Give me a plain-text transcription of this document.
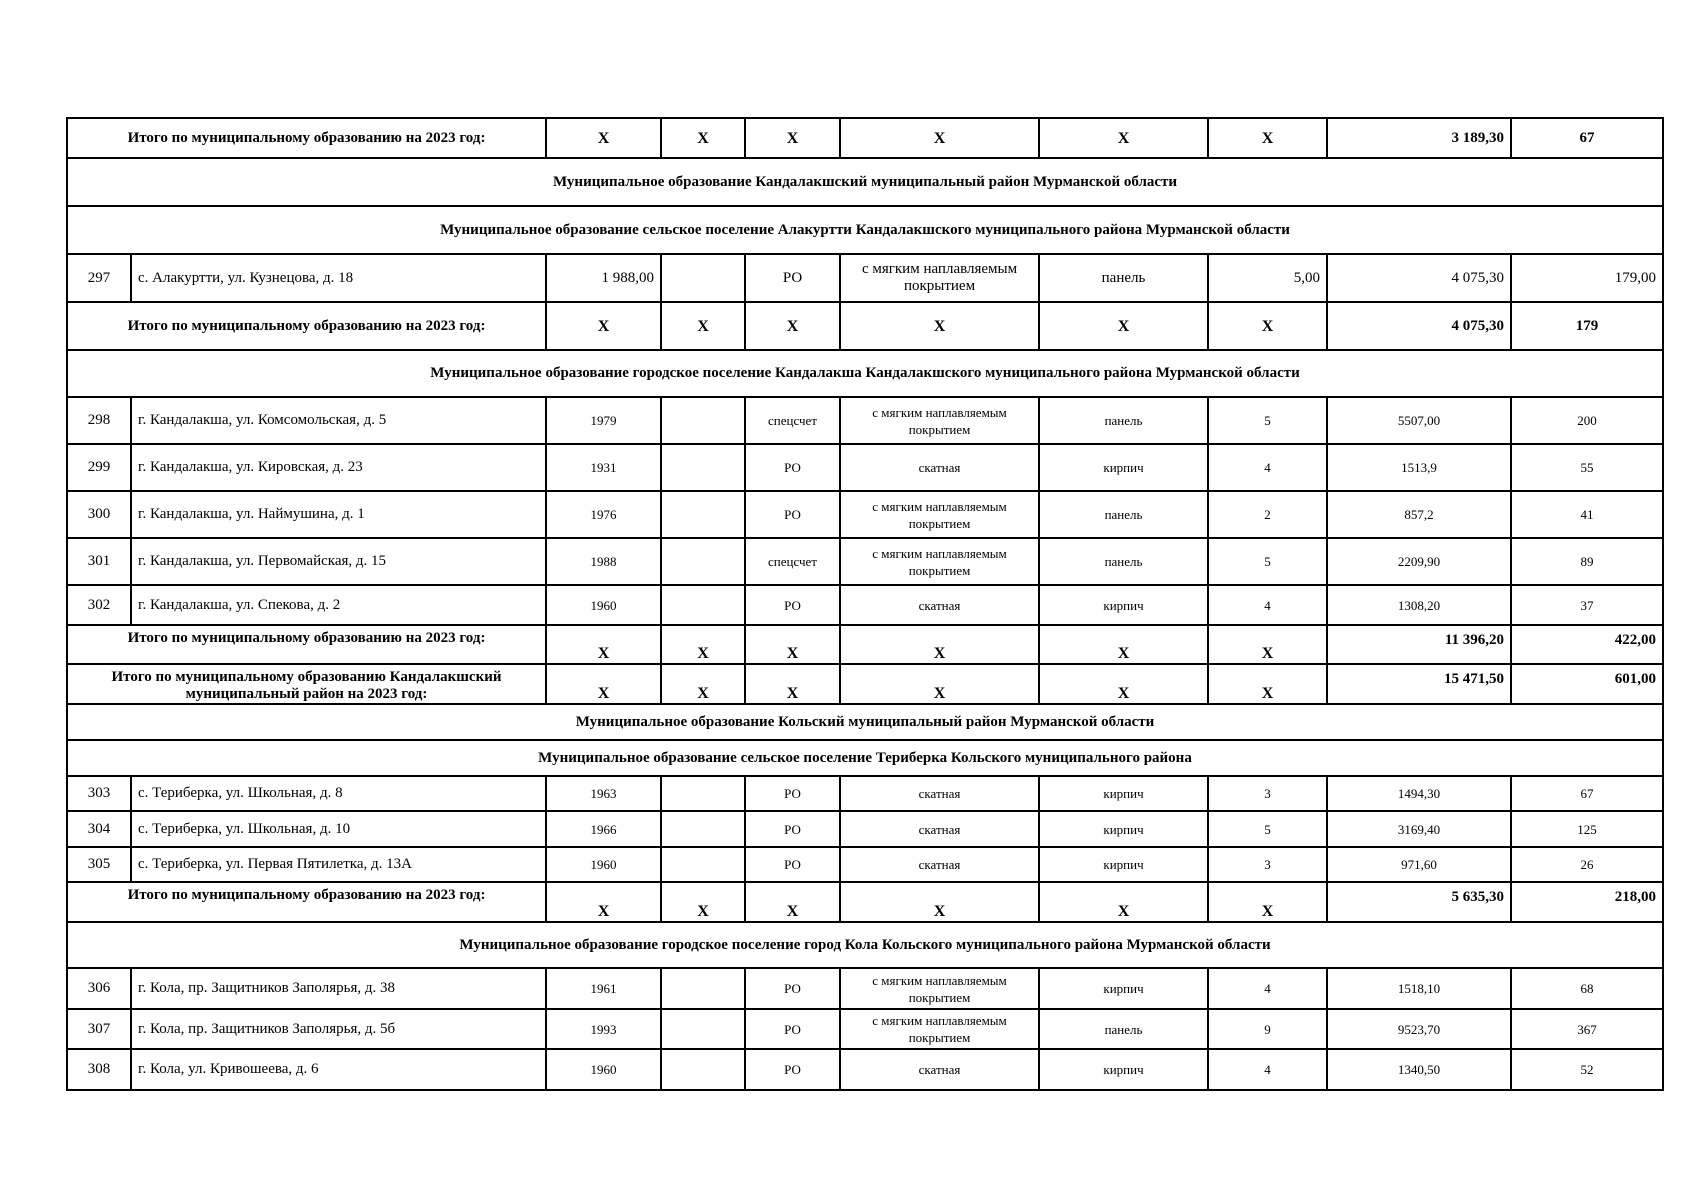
Итого по муниципальному образованию на 2023 год:		Х	Х	Х	Х	Х	Х	3 189,30	67
Муниципальное образование Кандалакшский муниципальный район Мурманской области									
Муниципальное образование сельское поселение Алакуртти Кандалакшского муниципального района Мурманской области									
297	с. Алакуртти, ул. Кузнецова, д. 18	1 988,00		РО	с мягким наплавляемым покрытием	панель	5,00	4 075,30	179,00
Итого по муниципальному образованию на 2023 год:		Х	Х	Х	Х	Х	Х	4 075,30	179
Муниципальное образование городское поселение Кандалакша Кандалакшского муниципального района Мурманской области									
298	г. Кандалакша, ул. Комсомольская, д. 5	1979		спецсчет	с мягким наплавляемым покрытием	панель	5	5507,00	200
299	г. Кандалакша, ул. Кировская, д. 23	1931		РО	скатная	кирпич	4	1513,9	55
300	г. Кандалакша, ул. Наймушина, д. 1	1976		РО	с мягким наплавляемым покрытием	панель	2	857,2	41
301	г. Кандалакша, ул. Первомайская, д. 15	1988		спецсчет	с мягким наплавляемым покрытием	панель	5	2209,90	89
302	г. Кандалакша, ул. Спекова, д. 2	1960		РО	скатная	кирпич	4	1308,20	37
Итого по муниципальному образованию на 2023 год:		Х	Х	Х	Х	Х	Х	11 396,20	422,00
Итого по муниципальному образованию Кандалакшский муниципальный район на 2023 год:		Х	Х	Х	Х	Х	Х	15 471,50	601,00
Муниципальное образование Кольский муниципальный район Мурманской области									
Муниципальное образование сельское поселение Териберка Кольского муниципального района									
303	с. Териберка, ул. Школьная, д. 8	1963		РО	скатная	кирпич	3	1494,30	67
304	с. Териберка, ул. Школьная, д. 10	1966		РО	скатная	кирпич	5	3169,40	125
305	с. Териберка, ул. Первая Пятилетка, д. 13А	1960		РО	скатная	кирпич	3	971,60	26
Итого по муниципальному образованию на 2023 год:		Х	Х	Х	Х	Х	Х	5 635,30	218,00
Муниципальное образование городское поселение город Кола Кольского муниципального района Мурманской области									
306	г. Кола, пр. Защитников Заполярья, д. 38	1961		РО	с мягким наплавляемым покрытием	кирпич	4	1518,10	68
307	г. Кола, пр. Защитников Заполярья, д. 5б	1993		РО	с мягким наплавляемым покрытием	панель	9	9523,70	367
308	г. Кола, ул. Кривошеева, д. 6	1960		РО	скатная	кирпич	4	1340,50	52
